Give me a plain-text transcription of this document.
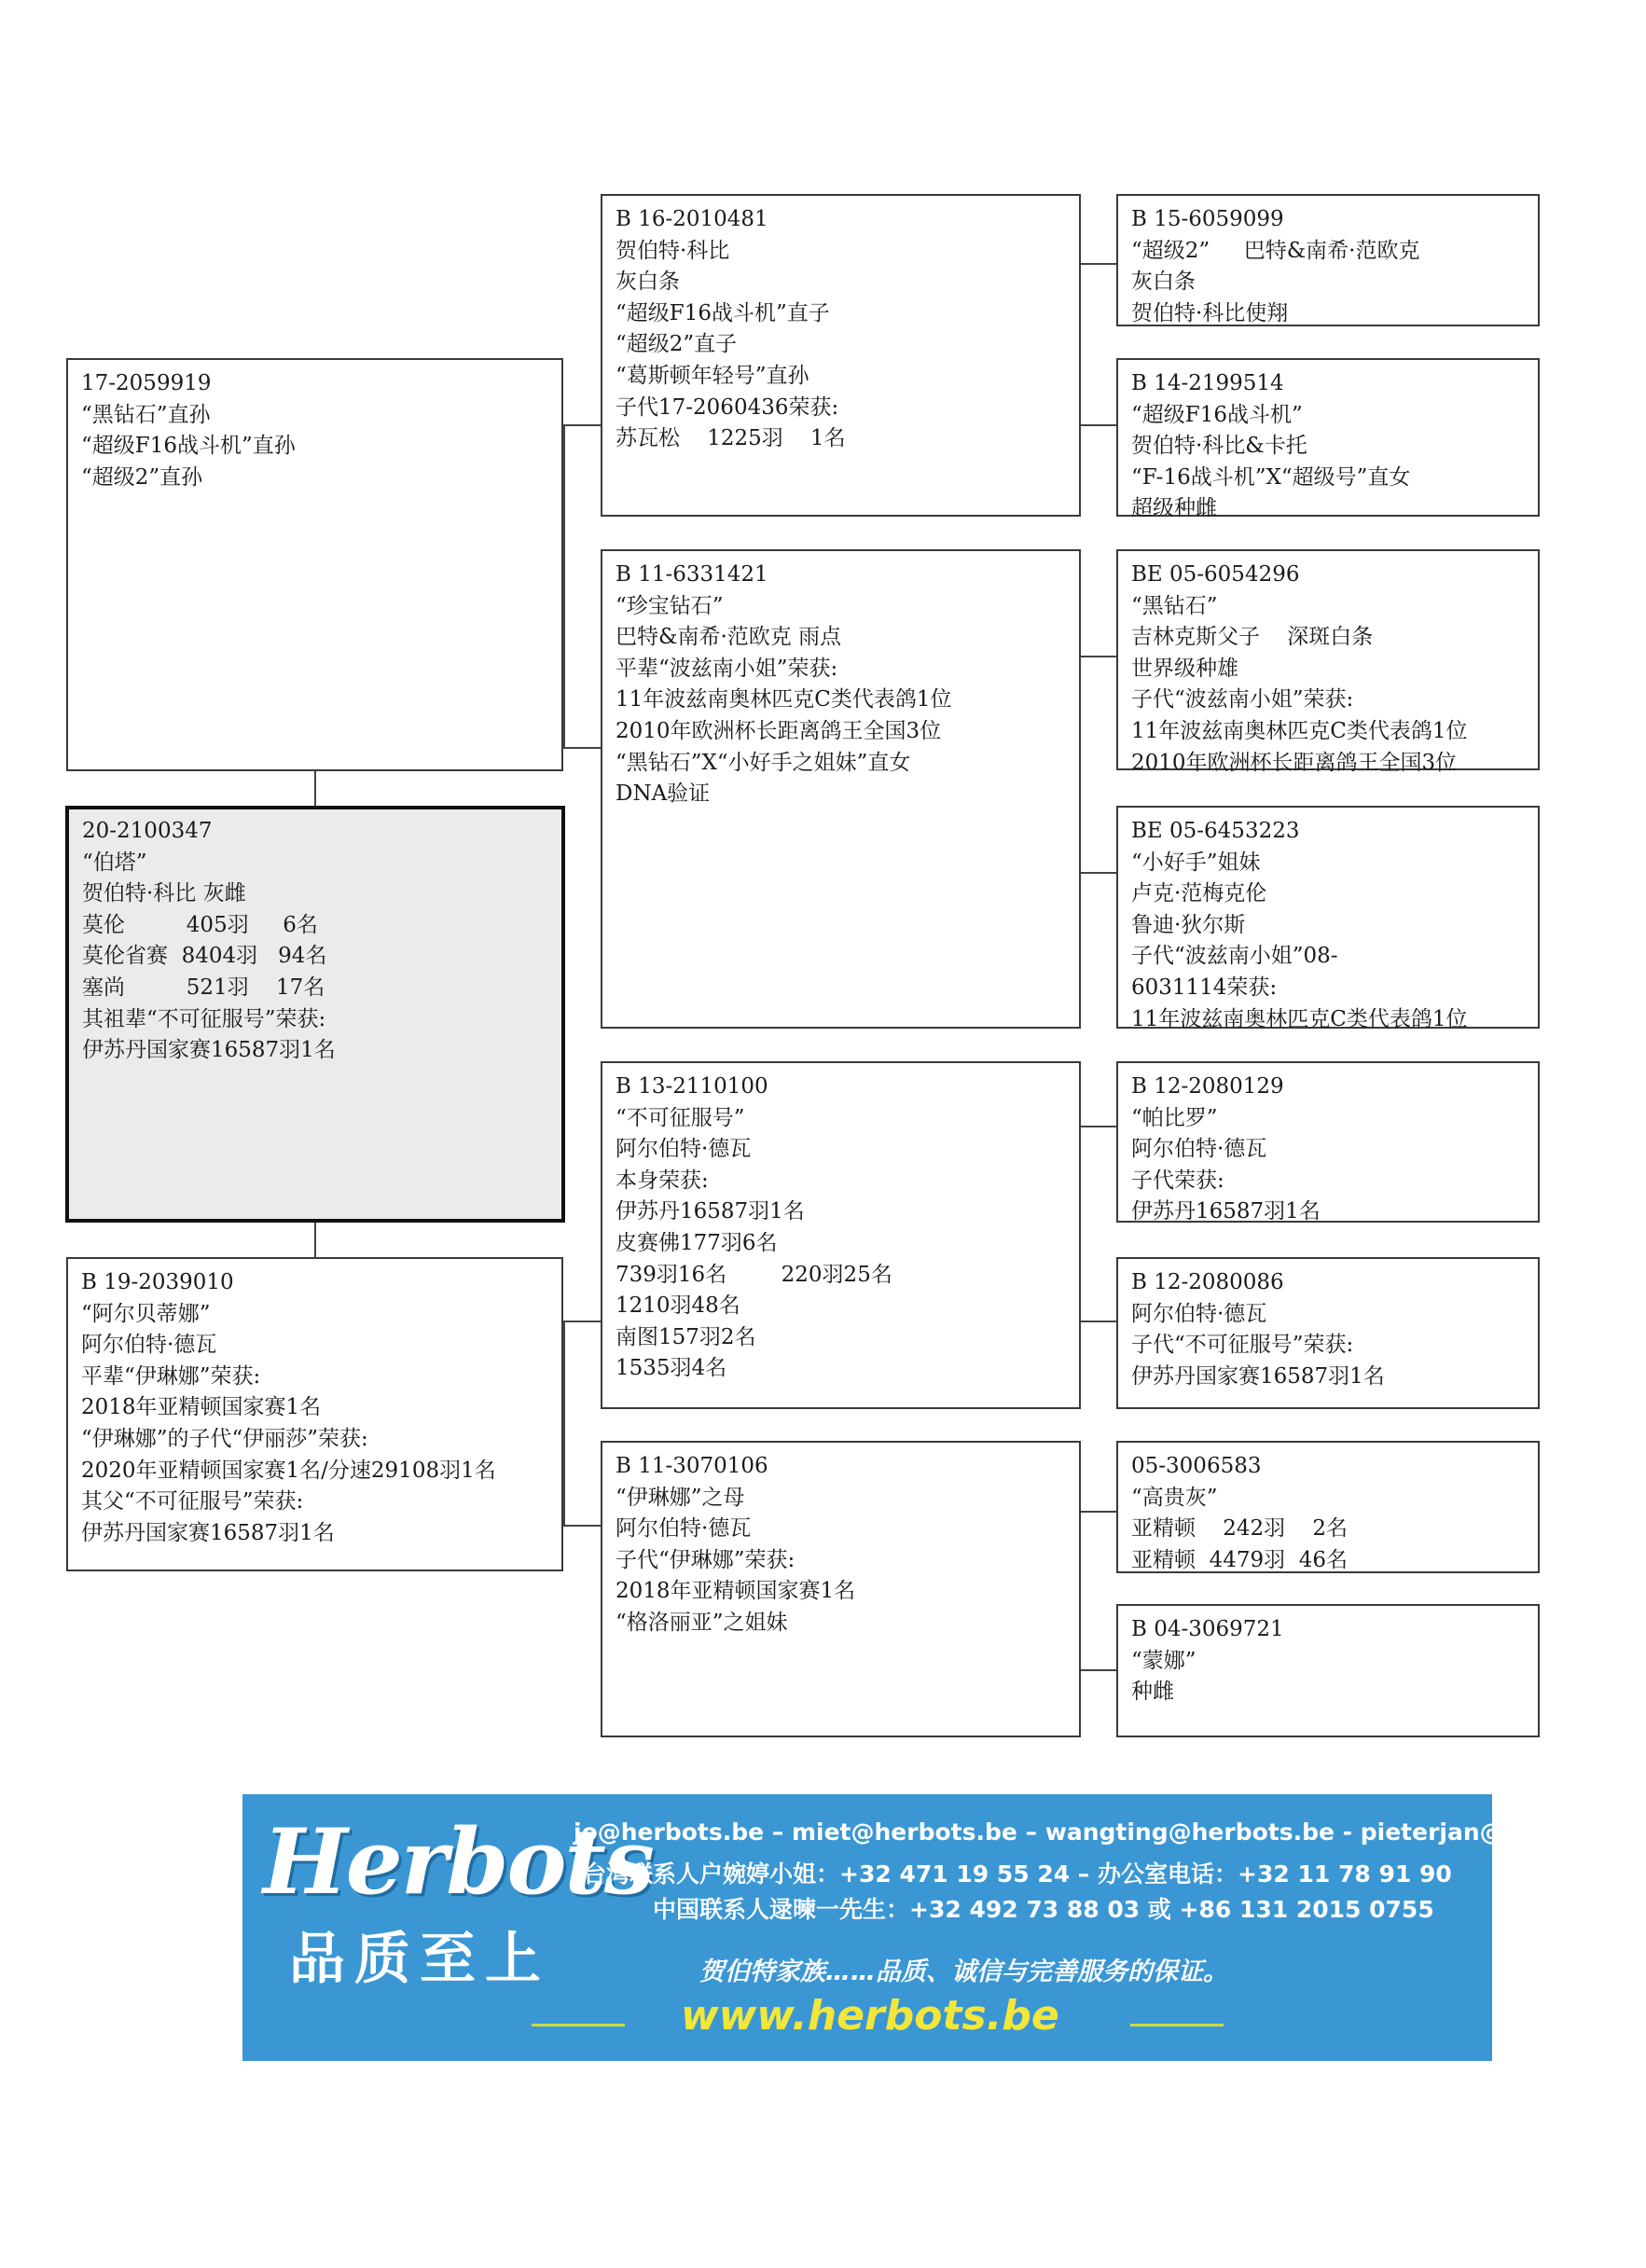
17-2059919
“黑钻石”直孙
“超级F16战斗机”直孙
“超级2”直孙
20-2100347
“伯塔”
贺伯特·科比 灰雌
莫伦         405羽     6名
莫伦省赛  8404羽   94名
塞尚         521羽    17名
其祖辈“不可征服号”荣获:
伊苏丹国家赛16587羽1名
B 19-2039010
“阿尔贝蒂娜”
阿尔伯特·德瓦
平辈“伊琳娜”荣获:
2018年亚精顿国家赛1名
“伊琳娜”的子代“伊丽莎”荣获:
2020年亚精顿国家赛1名/分速29108羽1名
其父“不可征服号”荣获:
伊苏丹国家赛16587羽1名
B 16-2010481
贺伯特·科比
灰白条
“超级F16战斗机”直子
“超级2”直子
“葛斯顿年轻号”直孙
子代17-2060436荣获:
苏瓦松    1225羽    1名
B 11-6331421
“珍宝钻石”
巴特&南希·范欧克 雨点
平辈“波兹南小姐”荣获:
11年波兹南奥林匹克C类代表鸽1位
2010年欧洲杯长距离鸽王全国3位
“黑钻石”X“小好手之姐妹”直女
DNA验证
B 13-2110100
“不可征服号”
阿尔伯特·德瓦
本身荣获:
伊苏丹16587羽1名
皮赛佛177羽6名
739羽16名        220羽25名
1210羽48名
南图157羽2名
1535羽4名
B 11-3070106
“伊琳娜”之母
阿尔伯特·德瓦
子代“伊琳娜”荣获:
2018年亚精顿国家赛1名
“格洛丽亚”之姐妹
B 15-6059099
“超级2”     巴特&南希·范欧克
灰白条
贺伯特·科比使翔
B 14-2199514
“超级F16战斗机”
贺伯特·科比&卡托
“F-16战斗机”X“超级号”直女
超级种雌
BE 05-6054296
“黑钻石”
吉林克斯父子    深斑白条
世界级种雄
子代“波兹南小姐”荣获:
11年波兹南奥林匹克C类代表鸽1位
2010年欧洲杯长距离鸽王全国3位
BE 05-6453223
“小好手”姐妹
卢克·范梅克伦
鲁迪·狄尔斯
子代“波兹南小姐”08-
6031114荣获:
11年波兹南奥林匹克C类代表鸽1位
B 12-2080129
“帕比罗”
阿尔伯特·德瓦
子代荣获:
伊苏丹16587羽1名
B 12-2080086
阿尔伯特·德瓦
子代“不可征服号”荣获:
伊苏丹国家赛16587羽1名
05-3006583
“高贵灰”
亚精顿    242羽    2名
亚精顿  4479羽  46名
B 04-3069721
“蒙娜”
种雌
Herbots
品质至上
jo@herbots.be – miet@herbots.be – wangting@herbots.be - pieterjan@herbots.be
台湾联系人户婉婷小姐：+32 471 19 55 24 – 办公室电话：+32 11 78 91 90
中国联系人逯暕一先生：+32 492 73 88 03 或 +86 131 2015 0755
贺伯特家族……品质、诚信与完善服务的保证。
www.herbots.be
